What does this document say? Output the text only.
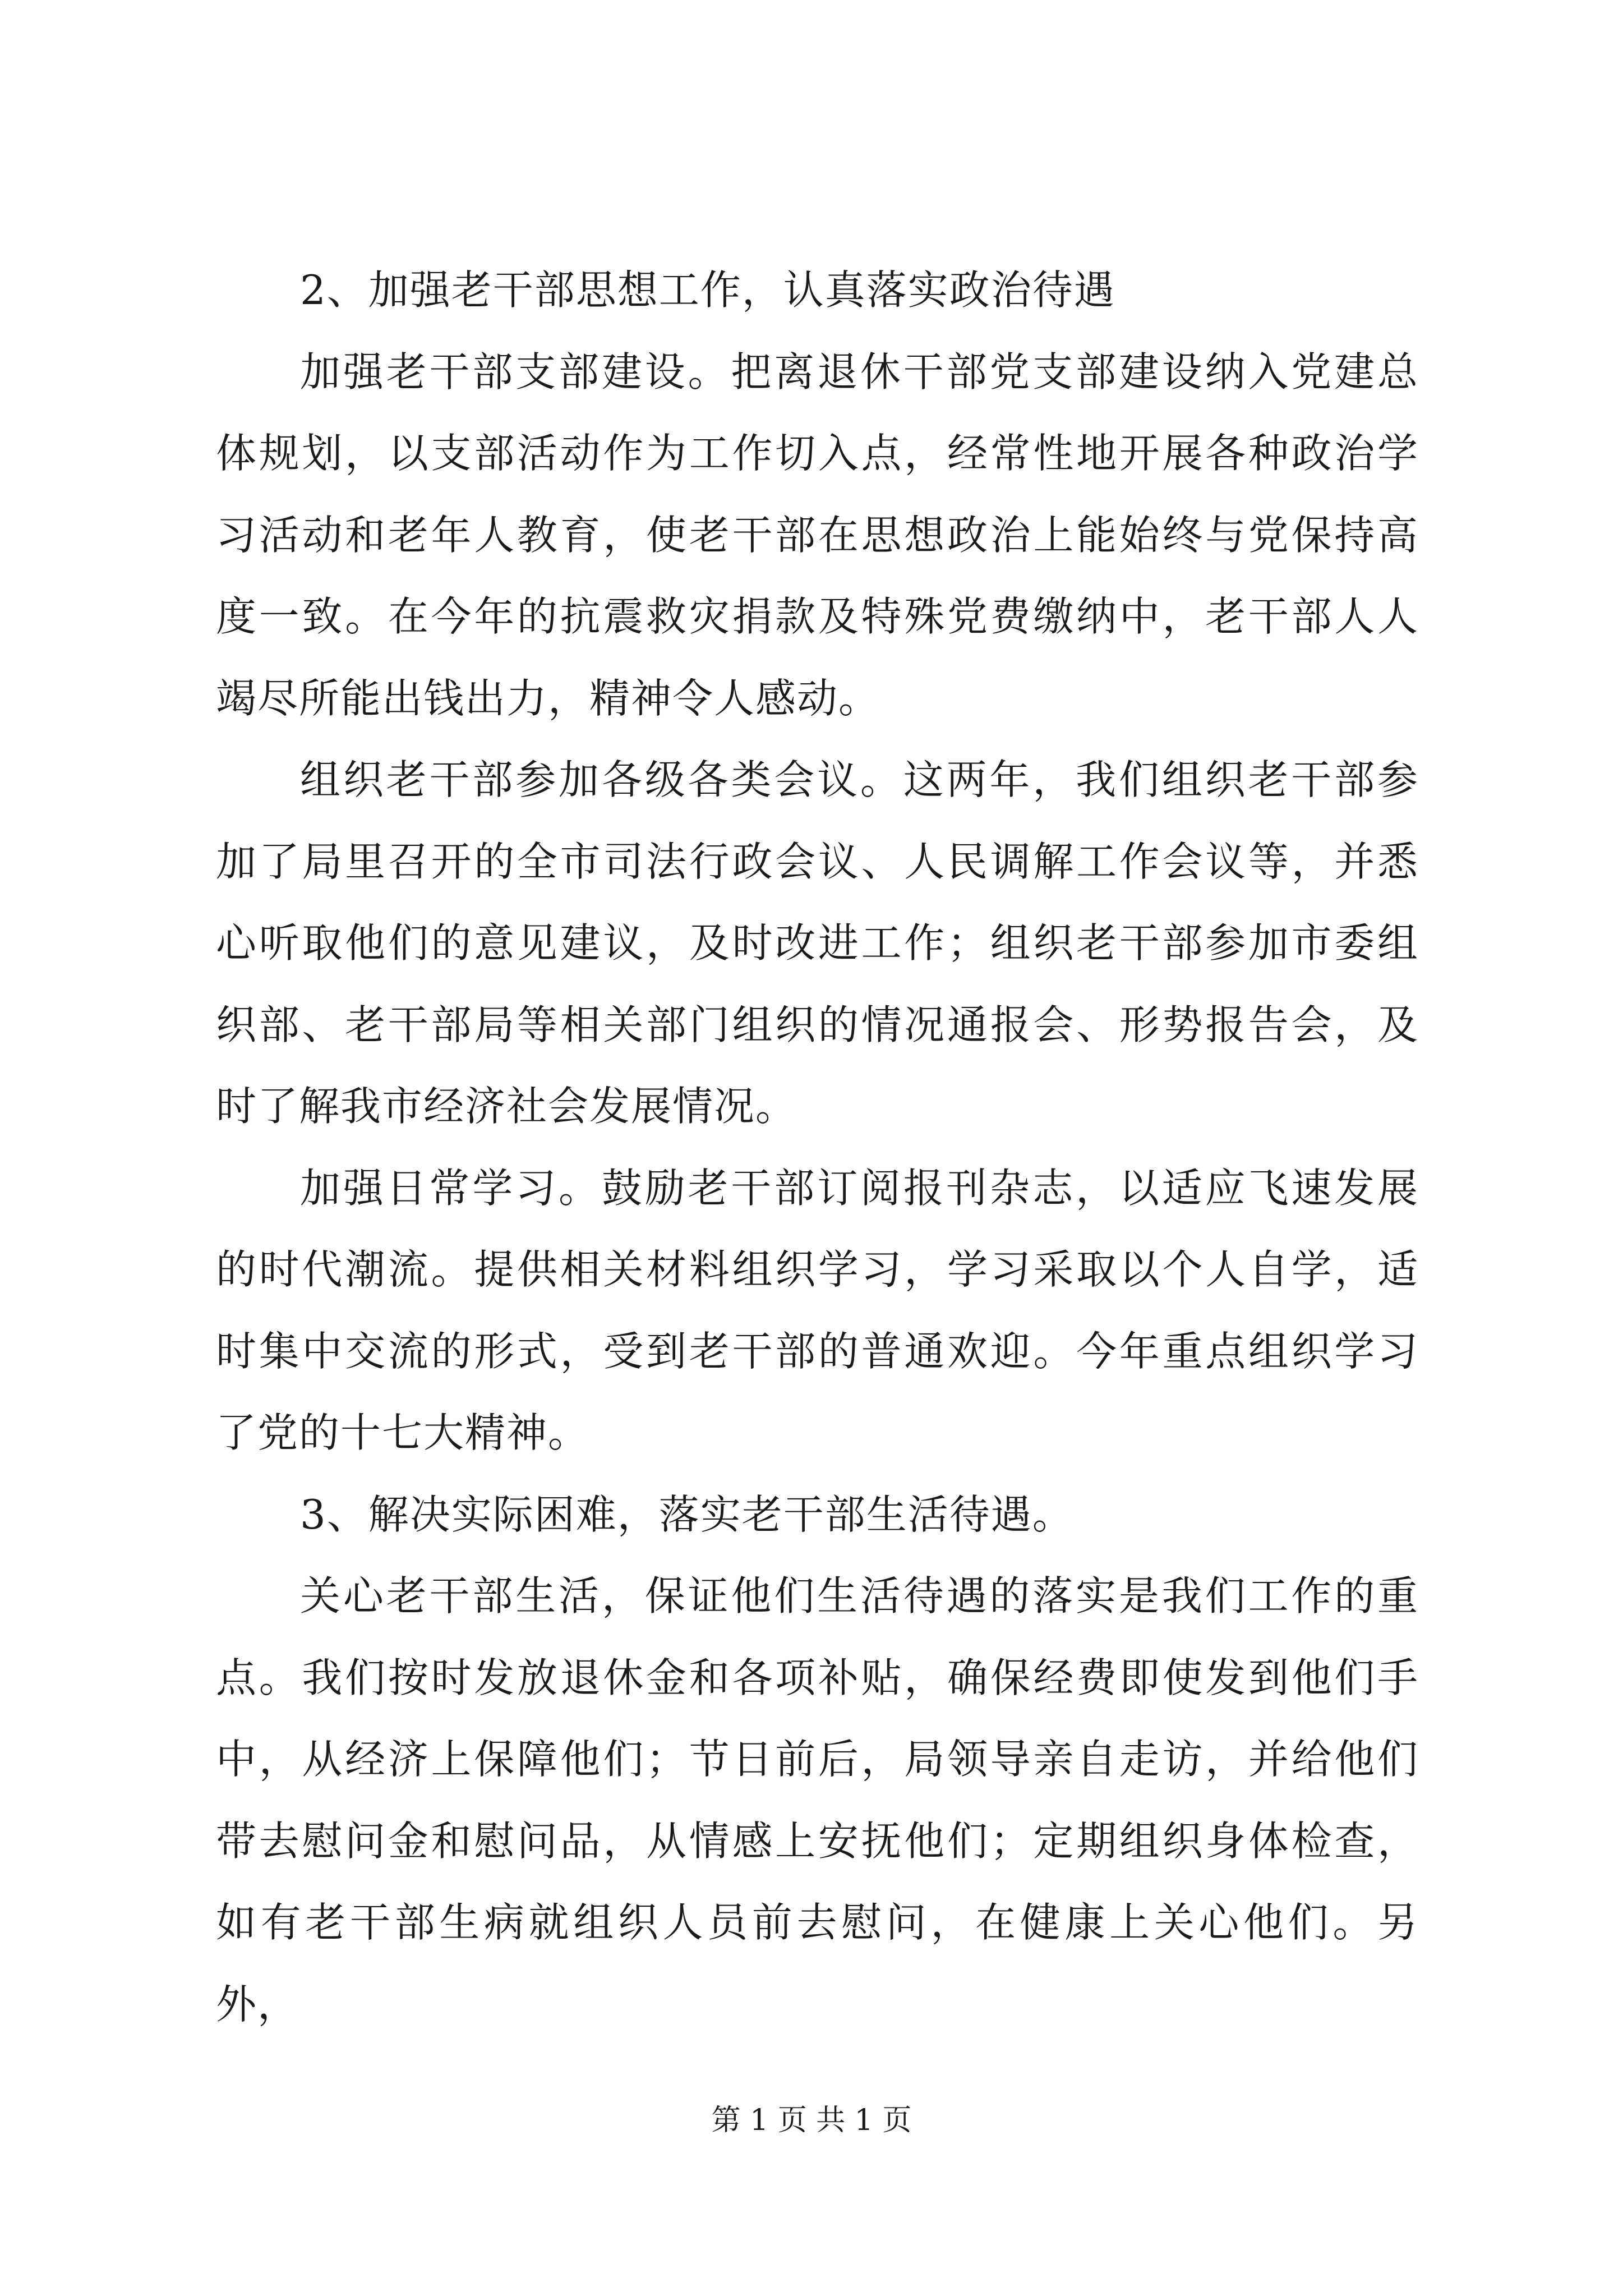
2、加强老干部思想工作，认真落实政治待遇

加强老干部支部建设。把离退休干部党支部建设纳入党建总体规划，以支部活动作为工作切入点，经常性地开展各种政治学习活动和老年人教育，使老干部在思想政治上能始终与党保持高度一致。在今年的抗震救灾捐款及特殊党费缴纳中，老干部人人竭尽所能出钱出力，精神令人感动。

组织老干部参加各级各类会议。这两年，我们组织老干部参加了局里召开的全市司法行政会议、人民调解工作会议等，并悉心听取他们的意见建议，及时改进工作；组织老干部参加市委组织部、老干部局等相关部门组织的情况通报会、形势报告会，及时了解我市经济社会发展情况。

加强日常学习。鼓励老干部订阅报刊杂志，以适应飞速发展的时代潮流。提供相关材料组织学习，学习采取以个人自学，适时集中交流的形式，受到老干部的普通欢迎。今年重点组织学习了党的十七大精神。

3、解决实际困难，落实老干部生活待遇。

关心老干部生活，保证他们生活待遇的落实是我们工作的重点。我们按时发放退休金和各项补贴，确保经费即使发到他们手中，从经济上保障他们；节日前后，局领导亲自走访，并给他们带去慰问金和慰问品，从情感上安抚他们；定期组织身体检查，如有老干部生病就组织人员前去慰问，在健康上关心他们。另外，

第 1 页 共 1 页
